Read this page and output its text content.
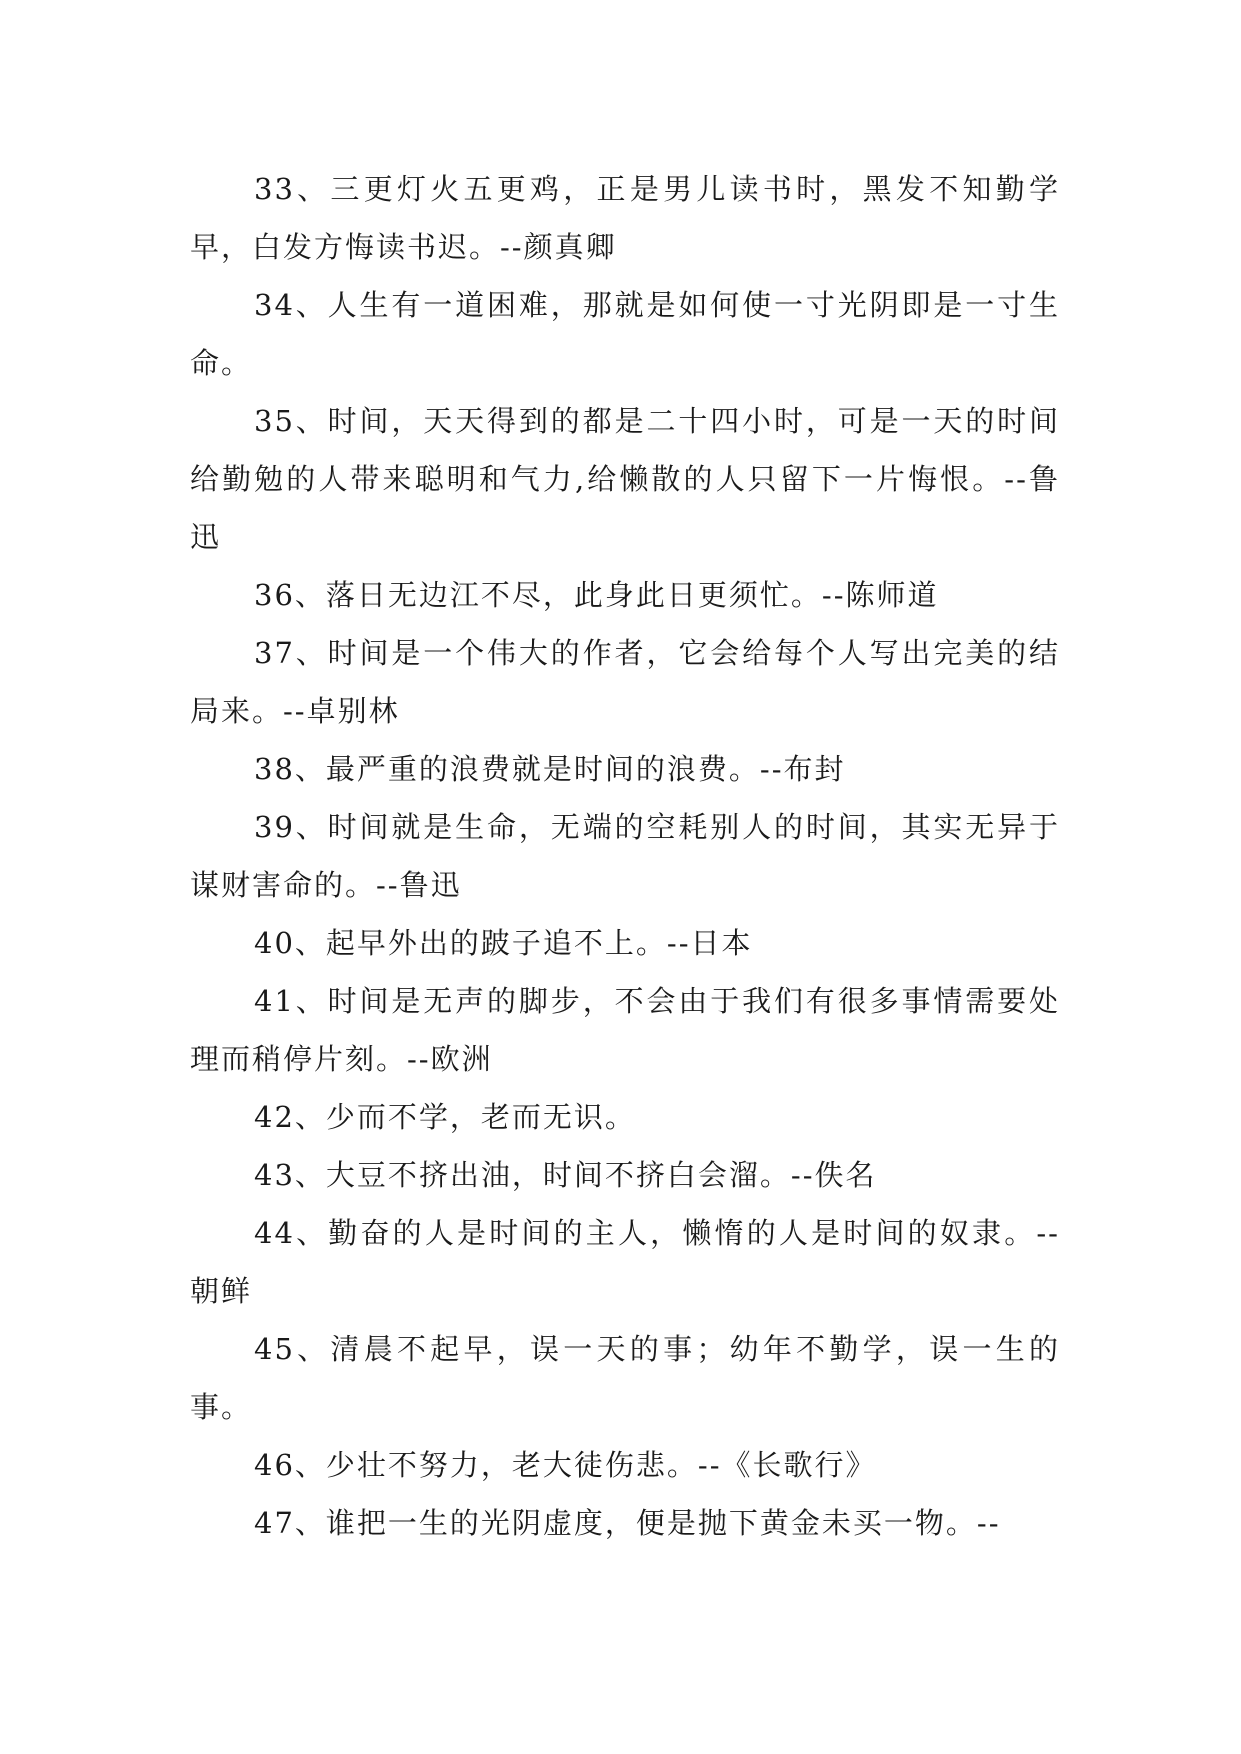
33、三更灯火五更鸡，正是男儿读书时，黑发不知勤学早，白发方悔读书迟。--颜真卿

34、人生有一道困难，那就是如何使一寸光阴即是一寸生命。

35、时间，天天得到的都是二十四小时，可是一天的时间给勤勉的人带来聪明和气力,给懒散的人只留下一片悔恨。--鲁迅

36、落日无边江不尽，此身此日更须忙。--陈师道

37、时间是一个伟大的作者，它会给每个人写出完美的结局来。--卓别林

38、最严重的浪费就是时间的浪费。--布封

39、时间就是生命，无端的空耗别人的时间，其实无异于谋财害命的。--鲁迅

40、起早外出的跛子追不上。--日本

41、时间是无声的脚步，不会由于我们有很多事情需要处理而稍停片刻。--欧洲

42、少而不学，老而无识。

43、大豆不挤出油，时间不挤白会溜。--佚名

44、勤奋的人是时间的主人，懒惰的人是时间的奴隶。--朝鲜

45、清晨不起早，误一天的事；幼年不勤学，误一生的事。

46、少壮不努力，老大徒伤悲。--《长歌行》

47、谁把一生的光阴虚度，便是抛下黄金未买一物。--
